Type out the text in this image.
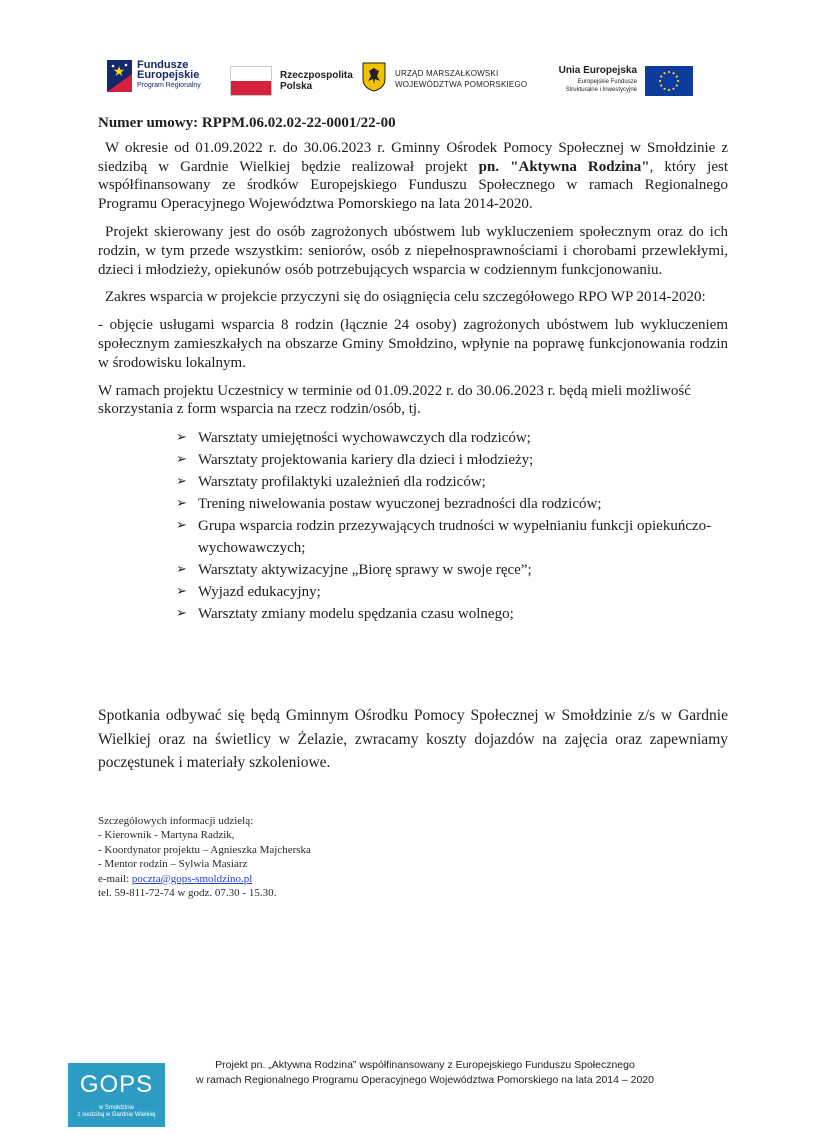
Fundusze
Europejskie
Program Regionalny
Rzeczpospolita
Polska
URZĄD MARSZAŁKOWSKI
WOJEWÓDZTWA POMORSKIEGO
Unia Europejska
Europejskie Fundusze
Strukturalne i Inwestycyjne

Numer umowy: RPPM.06.02.02-22-0001/22-00

W okresie od 01.09.2022 r. do 30.06.2023 r. Gminny Ośrodek Pomocy Społecznej w Smołdzinie z siedzibą w Gardnie Wielkiej będzie realizował projekt pn. "Aktywna Rodzina", który jest współfinansowany ze środków Europejskiego Funduszu Społecznego w ramach Regionalnego Programu Operacyjnego Województwa Pomorskiego na lata 2014-2020.

Projekt skierowany jest do osób zagrożonych ubóstwem lub wykluczeniem społecznym oraz do ich rodzin, w tym przede wszystkim: seniorów, osób z niepełnosprawnościami i chorobami przewlekłymi, dzieci i młodzieży, opiekunów osób potrzebujących wsparcia w codziennym funkcjonowaniu.

Zakres wsparcia w projekcie przyczyni się do osiągnięcia celu szczegółowego RPO WP 2014-2020:

- objęcie usługami wsparcia 8 rodzin (łącznie 24 osoby) zagrożonych ubóstwem lub wykluczeniem społecznym zamieszkałych na obszarze Gminy Smołdzino, wpłynie na poprawę funkcjonowania rodzin w środowisku lokalnym.

W ramach projektu Uczestnicy w terminie od 01.09.2022 r. do 30.06.2023 r. będą mieli możliwość skorzystania z form wsparcia na rzecz rodzin/osób, tj.

➢ Warsztaty umiejętności wychowawczych dla rodziców;
➢ Warsztaty projektowania kariery dla dzieci i młodzieży;
➢ Warsztaty profilaktyki uzależnień dla rodziców;
➢ Trening niwelowania postaw wyuczonej bezradności dla rodziców;
➢ Grupa wsparcia rodzin przezywających trudności w wypełnianiu funkcji opiekuńczo-wychowawczych;
➢ Warsztaty aktywizacyjne „Biorę sprawy w swoje ręce”;
➢ Wyjazd edukacyjny;
➢ Warsztaty zmiany modelu spędzania czasu wolnego;

Spotkania odbywać się będą Gminnym Ośrodku Pomocy Społecznej w Smołdzinie z/s w Gardnie Wielkiej oraz na świetlicy w Żelazie, zwracamy koszty dojazdów na zajęcia oraz zapewniamy poczęstunek i materiały szkoleniowe.

Szczegółowych informacji udzielą:
- Kierownik - Martyna Radzik,
- Koordynator projektu – Agnieszka Majcherska
- Mentor rodzin – Sylwia Masiarz
e-mail: poczta@gops-smoldzino.pl
tel. 59-811-72-74 w godz. 07.30 - 15.30.
GOPS
w Smołdzinie
z siedzibą w Gardnie Wielkiej
Projekt pn. „Aktywna Rodzina” współfinansowany z Europejskiego Funduszu Społecznego
w ramach Regionalnego Programu Operacyjnego Województwa Pomorskiego na lata 2014 – 2020
